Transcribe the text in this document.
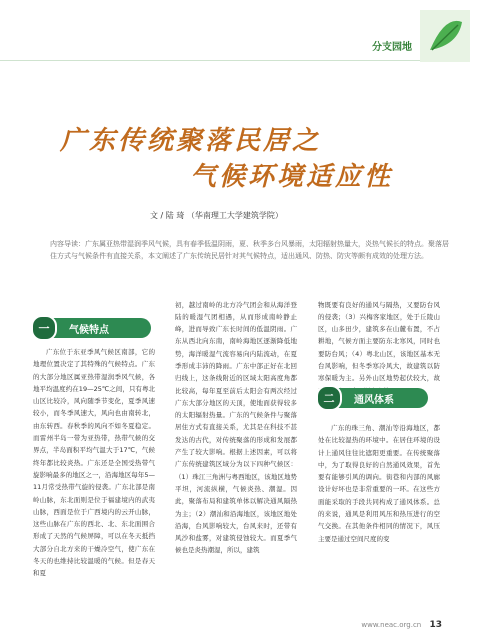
分支园地
广东传统聚落民居之
气候环境适应性
文 / 陆 琦 （华南理工大学建筑学院）
内容导读：广东属亚热带湿润季风气候，具有春季低温阴雨，夏、秋季多台风暴雨，太阳辐射热量大，炎热气候长的特点。聚落居住方式与气候条件有直接关系，本文阐述了广东传统民居针对其气候特点，适出通风、防热、防灾等颇有成效的处理方法。
一	气候特点

广东位于东亚季风气候区南部，它的地理位置决定了其特殊的气候特点。广东的大部分地区属亚热带湿润季风气候，各地平均温度约在19—25℃之间，只有粤北山区比较冷，风向随季节变化，夏季风速较小，而冬季风速大，风向也由南转北，由东转西。春秋季的风向不如冬夏稳定。而雷州半岛一带为亚热带，热带气候的交界点，半岛面积平均气温大于17℃，气候终年都比较炎热。广东还是全国受热带气旋影响最多的地区之一，沿海地区每年5—11月常受热带气旋的侵袭。广东北部是南岭山脉，东北面则是位于福建境内的武夷山脉，西面是位于广西境内的云开山脉，这些山脉在广东的西北、北、东北面围合形成了天然的气候屏障，可以在冬天抵挡大部分自北方来的干燥冷空气，使广东在冬天的也维持比较温暖的气候。但是春天和夏

初，越过南岭的北方冷气团会和从海洋登陆的暖湿气团相遇，从而形成南岭静止峰，进而导致广东长时间的低温阴雨。广东从西北向东南，南岭海地区逐渐降低地势，海洋暖湿气流容易向内陆流动，在夏季形成丰沛的降雨。广东中部正好在北回归线上，这条线附近的区域太阳高度角都比较高，每年夏至前后太阳会有两次经过广东大部分地区的天顶，使地面获得较多的太阳辐射热量。广东的气候条件与聚落居住方式有直接关系，尤其是在科技不甚发达的古代，对传统聚落的形成和发展都产生了较大影响。根据上述因素，可以将广东传统建筑区域分为以下四种气候区：（1）珠江三角洲与粤西地区，该地区地势平坦，河流纵横，气候炎热、潮湿。因此，聚落布局和建筑单体以解决通风隔热为主；（2）潮汕和沿海地区，该地区地处沿海，台风影响较大，台风来时，还带有风沙和盐雾，对建筑侵蚀较大。而夏季气候也是炎热潮湿，所以，建筑

物既要有良好的通风与隔热，又要防台风的侵袭；（3）兴梅客家地区，处于丘陵山区，山多田少，建筑多在山麓布置，不占耕地，气候方面主要防东北寒风，同时也要防台风；（4）粤北山区，该地区基本无台风影响，但冬季寒冷风大，故建筑以防寒保暖为主。另外山区地势起伏较大，故

二	通风体系

广东的珠三角、潮汕等沿海地区，都处在比较湿热的环境中。在居住环境的设计上通风往往比遮阳更重要。在传统聚落中，为了取得良好的自然通风效果，首先要有能够引风的调向。街巷和内部的风廊设计好坏也是非常重要的一环。在这些方面能采取的手段共同构成了通风体系。总的来说，通风是利用风压和热压进行的空气交换。在其他条件相同的情况下，风压主要是通过空间尺度的变

www.neac.org.cn 13
